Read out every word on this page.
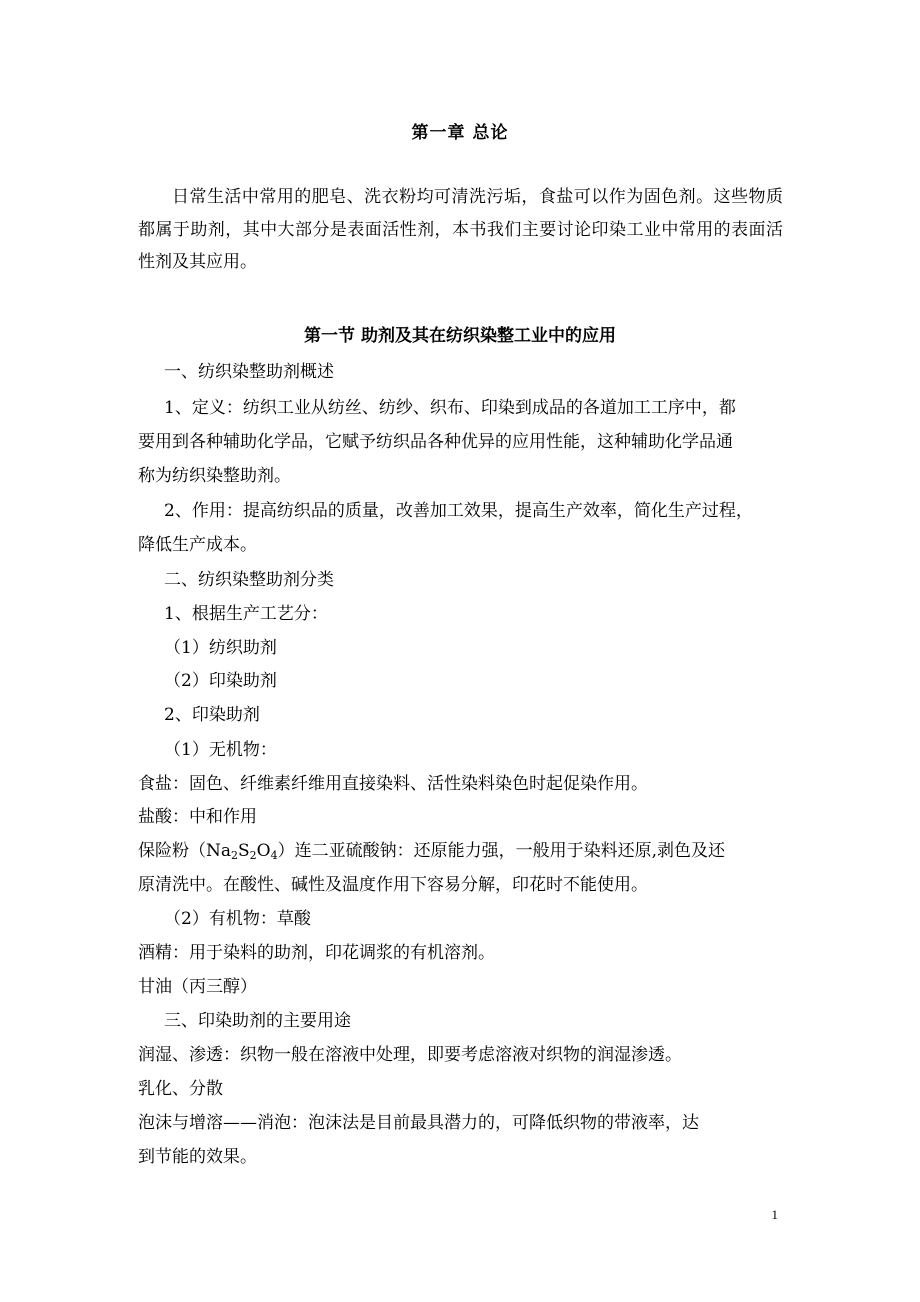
第一章 总论
日常生活中常用的肥皂、洗衣粉均可清洗污垢，食盐可以作为固色剂。这些物质都属于助剂，其中大部分是表面活性剂，本书我们主要讨论印染工业中常用的表面活性剂及其应用。
第一节 助剂及其在纺织染整工业中的应用
一、纺织染整助剂概述
1、定义：纺织工业从纺丝、纺纱、织布、印染到成品的各道加工工序中，都
要用到各种辅助化学品，它赋予纺织品各种优异的应用性能，这种辅助化学品通
称为纺织染整助剂。
2、作用：提高纺织品的质量，改善加工效果，提高生产效率，简化生产过程，
降低生产成本。
二、纺织染整助剂分类
1、根据生产工艺分：
（1）纺织助剂
（2）印染助剂
2、印染助剂
（1）无机物：
食盐：固色、纤维素纤维用直接染料、活性染料染色时起促染作用。
盐酸：中和作用
保险粉$(Na_2S_2O_4)$连二亚硫酸钠：还原能力强，一般用于染料还原,剥色及还
原清洗中。在酸性、碱性及温度作用下容易分解，印花时不能使用。
（2）有机物：草酸
酒精：用于染料的助剂，印花调浆的有机溶剂。
甘油（丙三醇）
三、印染助剂的主要用途
润湿、渗透：织物一般在溶液中处理，即要考虑溶液对织物的润湿渗透。
乳化、分散
泡沫与增溶——消泡：泡沫法是目前最具潜力的，可降低织物的带液率，达
到节能的效果。
1
